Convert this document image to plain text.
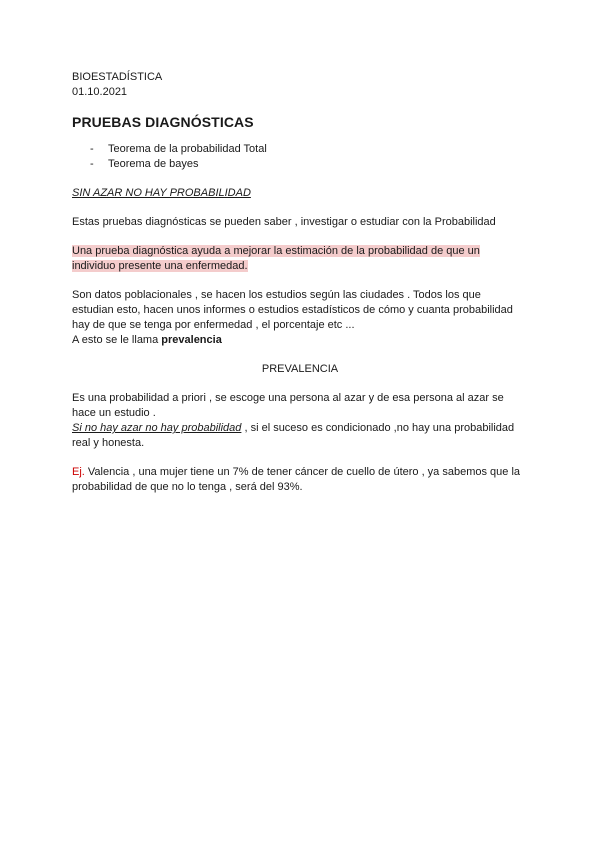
BIOESTADÍSTICA
01.10.2021
PRUEBAS DIAGNÓSTICAS
- Teorema de la probabilidad Total
- Teorema de bayes
SIN AZAR NO HAY PROBABILIDAD
Estas pruebas diagnósticas se pueden saber , investigar o estudiar con la Probabilidad
Una prueba diagnóstica ayuda a mejorar la estimación de la probabilidad de que un
individuo presente una enfermedad.
Son datos poblacionales , se hacen los estudios según las ciudades . Todos los que
estudian esto, hacen unos informes o estudios estadísticos de cómo y cuanta probabilidad
hay de que se tenga por enfermedad , el porcentaje etc ...
A esto se le llama prevalencia
PREVALENCIA
Es una probabilidad a priori , se escoge una persona al azar y de esa persona al azar se
hace un estudio .
Si no hay azar no hay probabilidad , si el suceso es condicionado ,no hay una probabilidad
real y honesta.
Ej. Valencia , una mujer tiene un 7% de tener cáncer de cuello de útero , ya sabemos que la
probabilidad de que no lo tenga , será del 93%.
